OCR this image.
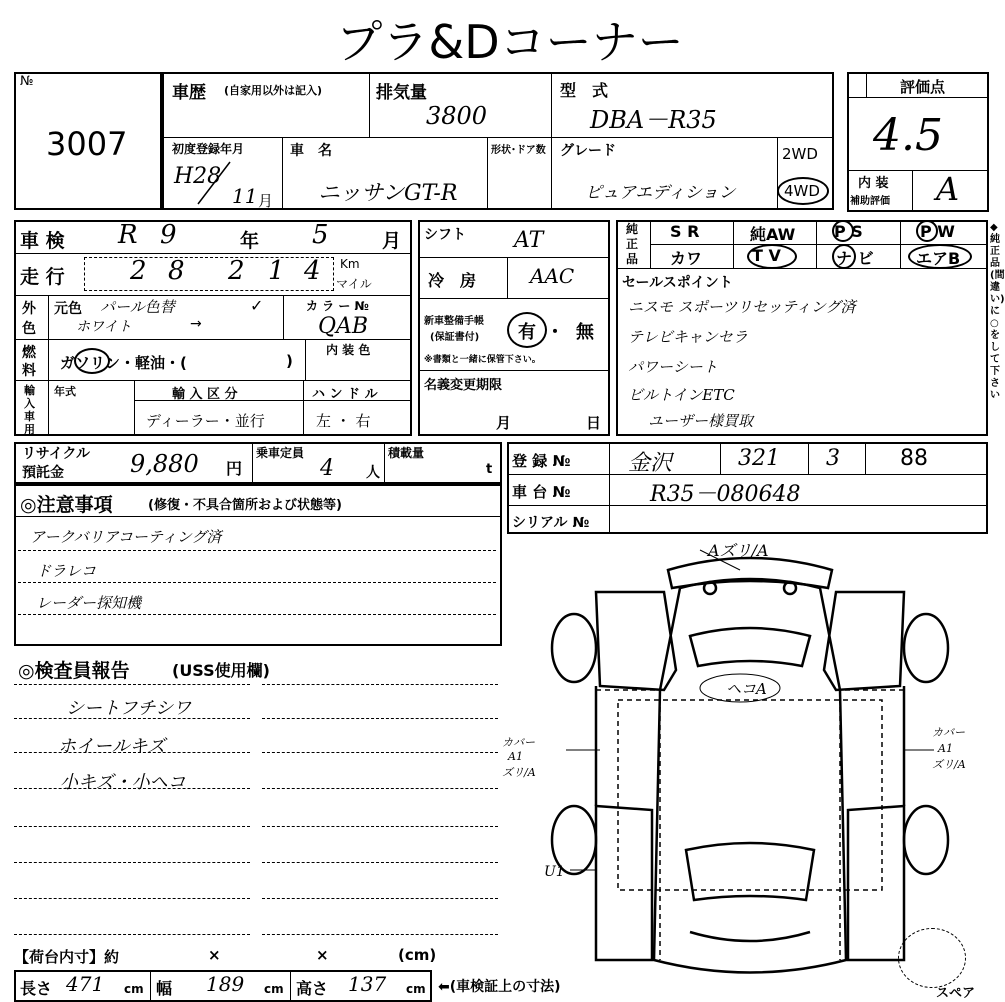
プラ&Dコーナー
№
3007
車歴 (自家用以外は記入)	排気量
3800
型　式
DBA－R35
初度登録年月
H28
11 月
車　名
ニッサンGT-R
形状･ドア数 グレード
ピュアエディション
2WD
4WD
評価点
4.5
内 装
補助評価 A
車 検 R 9	年 5	月
走 行	2 8 2 1 4 Km
マイル
外
色
元色 パール色替	✓
ホワイト	→
カ ラ ー №
QAB
燃
料 ガソリン・軽油・(	)
内 装 色
輸
入
車
用
年式	輸 入 区 分
ディーラー・並行
ハ ン ド ル
左 ・ 右
シフト AT
冷　房	AAC
新車整備手帳
(保証書付) 有 ・ 無
※書類と一緒に保管下さい。
名義変更期限
月	日
純
正
品
S R	純AW P S	P W
カワ	T V	ナ ビ	エアB
セールスポイント
ニスモ スポーツリセッティング済
テレビキャンセラ
パワーシート
ビルトインETC
ユーザー様買取
◆純正品(間違い)に○をして下さい
リサイクル
預託金	9,880 円
乗車定員
4 人
積載量
t 登 録 №	金沢	321 3	88
車 台 №	R35－080648
シリアル №
◎注意事項	(修復・不具合箇所および状態等)
アークバリアコーティング済
ドラレコ
レーダー探知機
◎検査員報告	(USS使用欄)
シートフチシワ
ホイールキズ
小キズ・小ヘコ
【荷台内寸】約	×	×	(cm)
長さ 471 cm 幅 189 cm 高さ 137 cm ⬅(車検証上の寸法)
Aズリ/A
ヘコA
カバー
A1
ズリ/A
カバー
A1
ズリ/A
U1
スペア
